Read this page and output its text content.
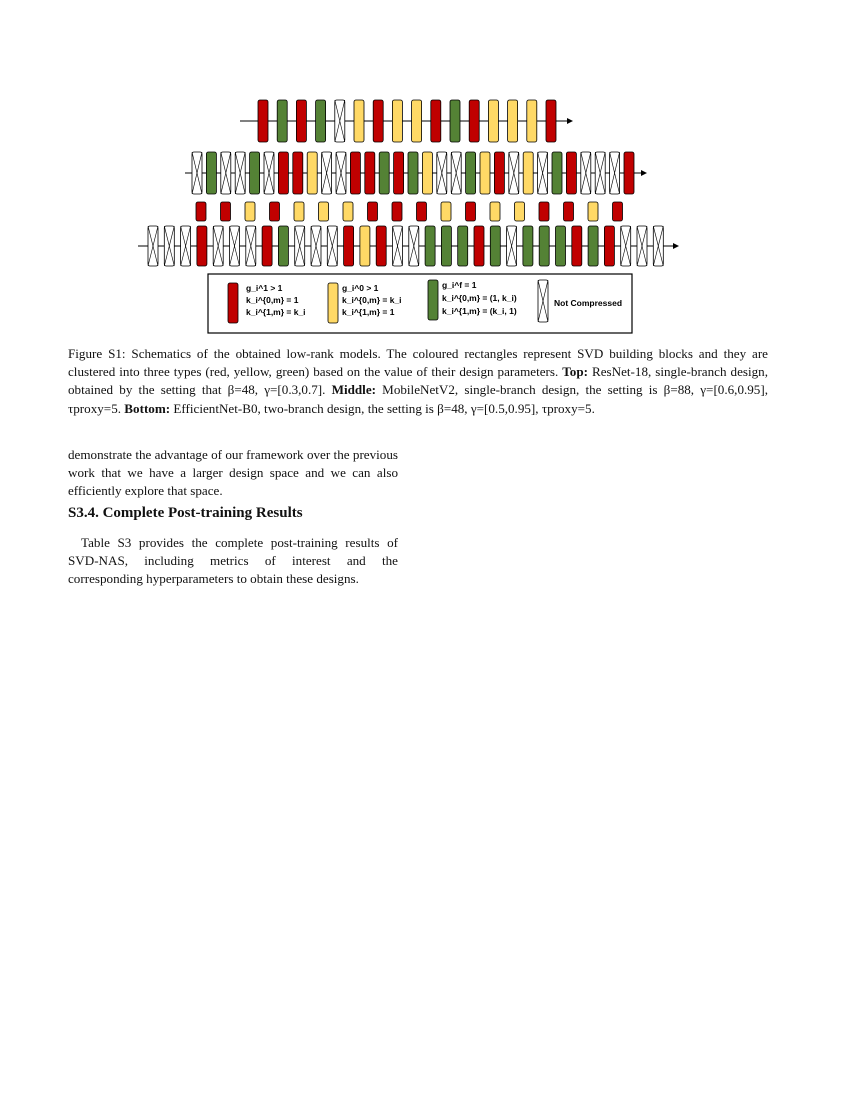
g_i^1 > 1
k_i^{0,m} = 1
k_i^{1,m} = k_i
g_i^0 > 1
k_i^{0,m} = k_i
k_i^{1,m} = 1
g_i^f = 1
k_i^{0,m} = (1, k_i)
k_i^{1,m} = (k_i, 1)
Not Compressed
Figure S1: Schematics of the obtained low-rank models. The coloured rectangles represent SVD building blocks and they are clustered into three types (red, yellow, green) based on the value of their design parameters. Top: ResNet-18, single-branch design, obtained by the setting that β=48, γ=[0.3,0.7]. Middle: MobileNetV2, single-branch design, the setting is β=88, γ=[0.6,0.95], τproxy=5. Bottom: EfficientNet-B0, two-branch design, the setting is β=48, γ=[0.5,0.95], τproxy=5.
demonstrate the advantage of our framework over the previous work that we have a larger design space and we can also efficiently explore that space.
S3.4. Complete Post-training Results
Table S3 provides the complete post-training results of SVD-NAS, including metrics of interest and the corresponding hyperparameters to obtain these designs.
